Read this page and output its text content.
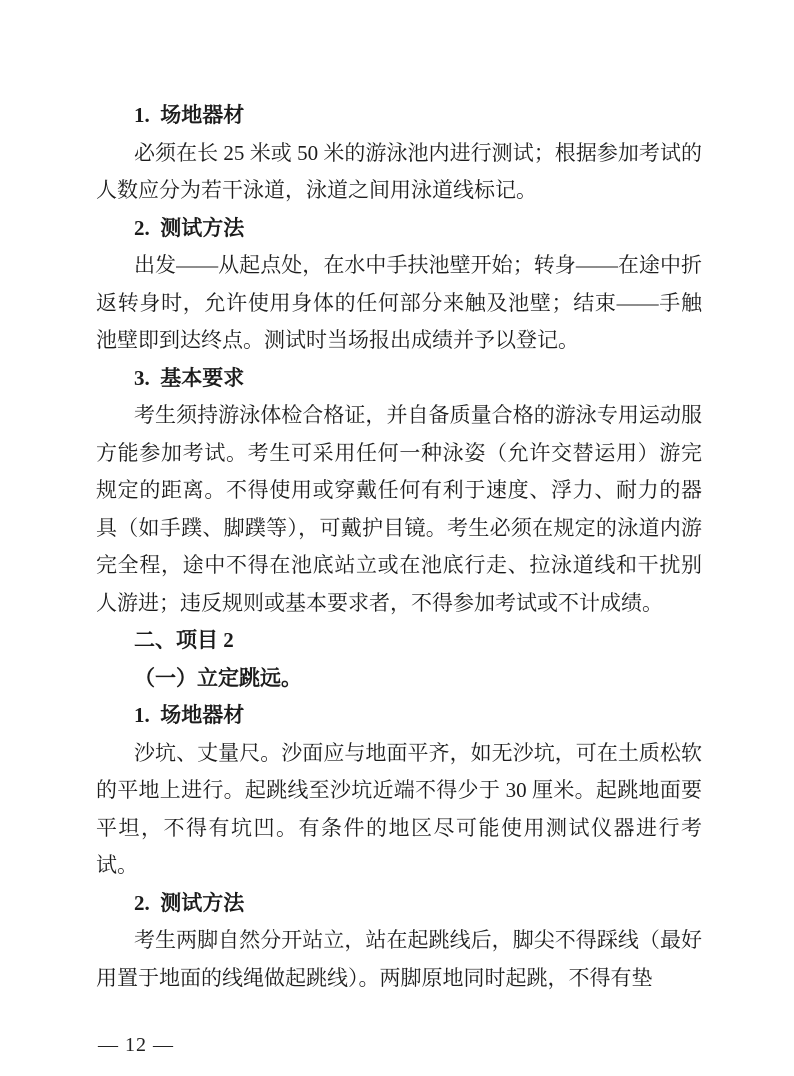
1.  场地器材

必须在长 25 米或 50 米的游泳池内进行测试；根据参加考试的人数应分为若干泳道，泳道之间用泳道线标记。

2.  测试方法

出发——从起点处，在水中手扶池壁开始；转身——在途中折返转身时，允许使用身体的任何部分来触及池壁；结束——手触池壁即到达终点。测试时当场报出成绩并予以登记。

3.  基本要求

考生须持游泳体检合格证，并自备质量合格的游泳专用运动服方能参加考试。考生可采用任何一种泳姿（允许交替运用）游完规定的距离。不得使用或穿戴任何有利于速度、浮力、耐力的器具（如手蹼、脚蹼等），可戴护目镜。考生必须在规定的泳道内游完全程，途中不得在池底站立或在池底行走、拉泳道线和干扰别人游进；违反规则或基本要求者，不得参加考试或不计成绩。

二、项目 2

（一）立定跳远。

1.  场地器材

沙坑、丈量尺。沙面应与地面平齐，如无沙坑，可在土质松软的平地上进行。起跳线至沙坑近端不得少于 30 厘米。起跳地面要平坦，不得有坑凹。有条件的地区尽可能使用测试仪器进行考试。

2.  测试方法

考生两脚自然分开站立，站在起跳线后，脚尖不得踩线（最好用置于地面的线绳做起跳线）。两脚原地同时起跳，不得有垫

— 12 —
